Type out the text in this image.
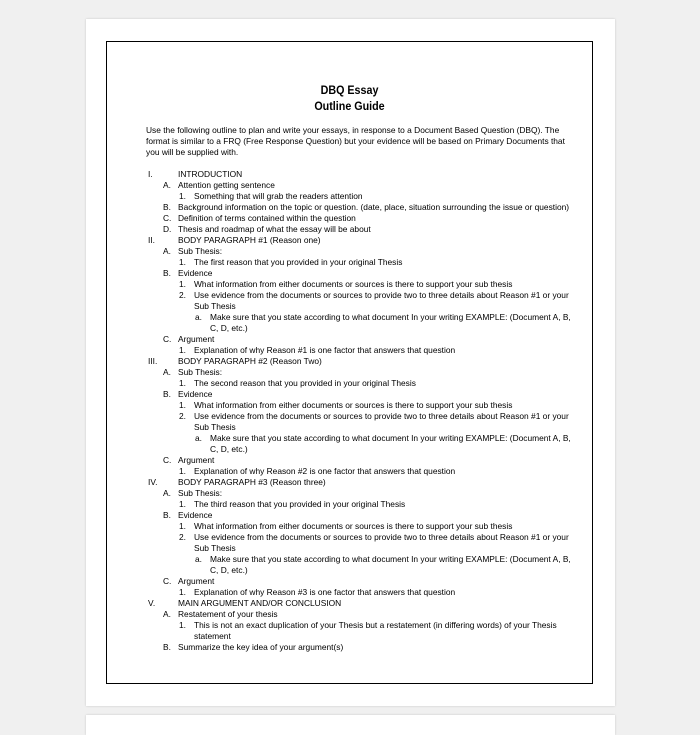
DBQ Essay
Outline Guide
Use the following outline to plan and write your essays, in response to a Document Based Question (DBQ). The format is similar to a FRQ (Free Response Question) but your evidence will be based on Primary Documents that you will be supplied with.
I.	INTRODUCTION
A. Attention getting sentence
1. Something that will grab the readers attention
B. Background information on the topic or question. (date, place, situation surrounding the issue or question)
C. Definition of terms contained within the question
D. Thesis and roadmap of what the essay will be about
II.	BODY PARAGRAPH #1 (Reason one)
A. Sub Thesis:
1. The first reason that you provided in your original Thesis
B. Evidence
1. What information from either documents or sources is there to support your sub thesis
2. Use evidence from the documents or sources to provide two to three details about Reason #1 or your Sub Thesis
a. Make sure that you state according to what document In your writing EXAMPLE: (Document A, B, C, D, etc.)
C. Argument
1. Explanation of why Reason #1 is one factor that answers that question
III. BODY PARAGRAPH #2 (Reason Two)
A. Sub Thesis:
1. The second reason that you provided in your original Thesis
B. Evidence
1. What information from either documents or sources is there to support your sub thesis
2. Use evidence from the documents or sources to provide two to three details about Reason #1 or your Sub Thesis
a. Make sure that you state according to what document In your writing EXAMPLE: (Document A, B, C, D, etc.)
C. Argument
1. Explanation of why Reason #2 is one factor that answers that question
IV. BODY PARAGRAPH #3 (Reason three)
A. Sub Thesis:
1. The third reason that you provided in your original Thesis
B. Evidence
1. What information from either documents or sources is there to support your sub thesis
2. Use evidence from the documents or sources to provide two to three details about Reason #1 or your Sub Thesis
a. Make sure that you state according to what document In your writing EXAMPLE: (Document A, B, C, D, etc.)
C. Argument
1. Explanation of why Reason #3 is one factor that answers that question
V.	MAIN ARGUMENT AND/OR CONCLUSION
A. Restatement of your thesis
1. This is not an exact duplication of your Thesis but a restatement (in differing words) of your Thesis statement
B. Summarize the key idea of your argument(s)
